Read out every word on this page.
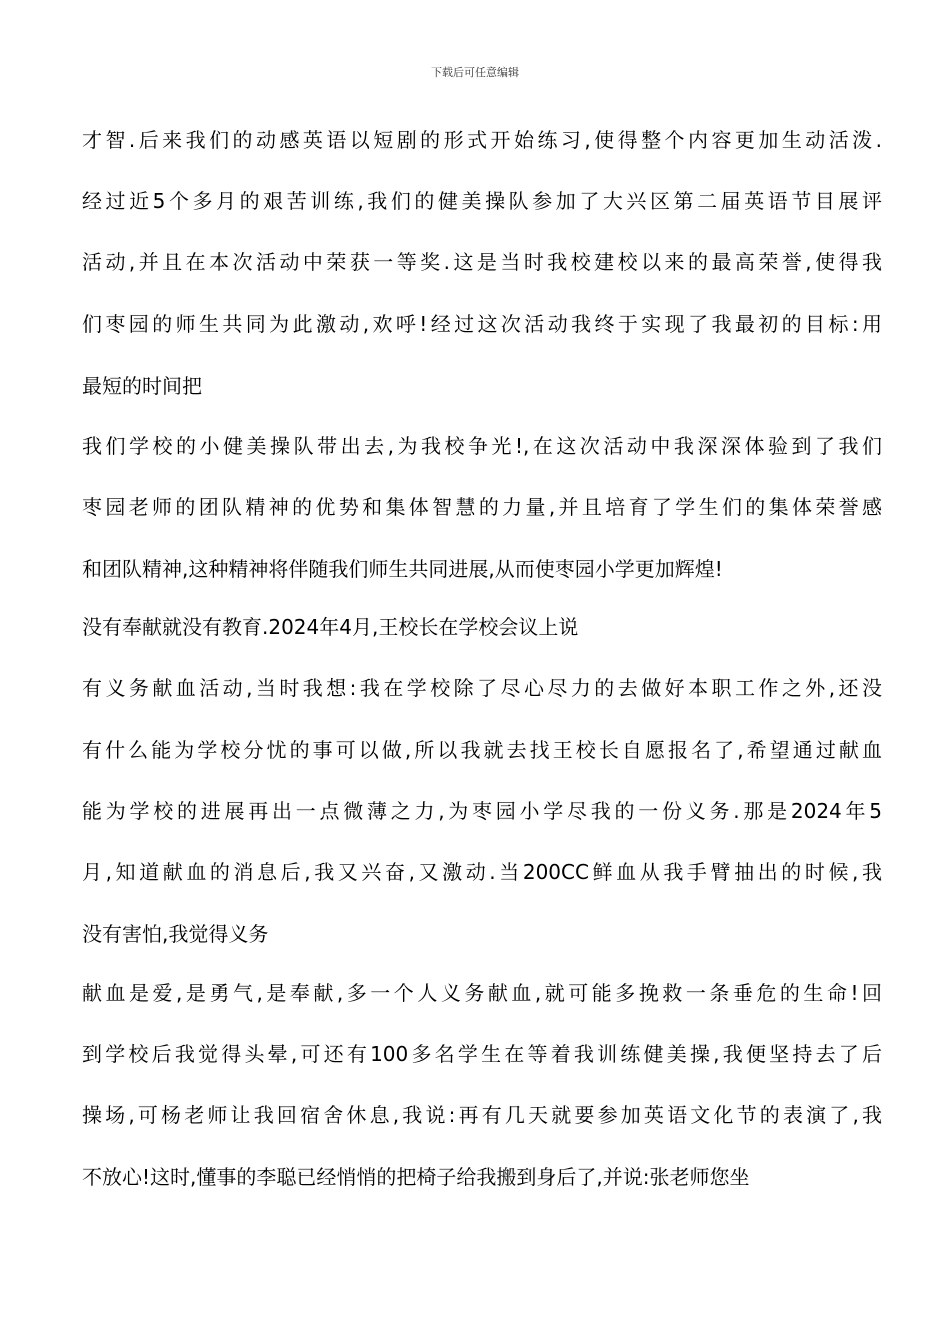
下载后可任意编辑
才智.后来我们的动感英语以短剧的形式开始练习,使得整个内容更加生动活泼.
经过近5个多月的艰苦训练,我们的健美操队参加了大兴区第二届英语节目展评
活动,并且在本次活动中荣获一等奖.这是当时我校建校以来的最高荣誉,使得我
们枣园的师生共同为此激动,欢呼!经过这次活动我终于实现了我最初的目标:用
最短的时间把
我们学校的小健美操队带出去,为我校争光!,在这次活动中我深深体验到了我们
枣园老师的团队精神的优势和集体智慧的力量,并且培育了学生们的集体荣誉感
和团队精神,这种精神将伴随我们师生共同进展,从而使枣园小学更加辉煌!
没有奉献就没有教育.2024年4月,王校长在学校会议上说
有义务献血活动,当时我想:我在学校除了尽心尽力的去做好本职工作之外,还没
有什么能为学校分忧的事可以做,所以我就去找王校长自愿报名了,希望通过献血
能为学校的进展再出一点微薄之力,为枣园小学尽我的一份义务.那是2024年5
月,知道献血的消息后,我又兴奋,又激动.当200CC鲜血从我手臂抽出的时候,我
没有害怕,我觉得义务
献血是爱,是勇气,是奉献,多一个人义务献血,就可能多挽救一条垂危的生命!回
到学校后我觉得头晕,可还有100多名学生在等着我训练健美操,我便坚持去了后
操场,可杨老师让我回宿舍休息,我说:再有几天就要参加英语文化节的表演了,我
不放心!这时,懂事的李聪已经悄悄的把椅子给我搬到身后了,并说:张老师您坐
